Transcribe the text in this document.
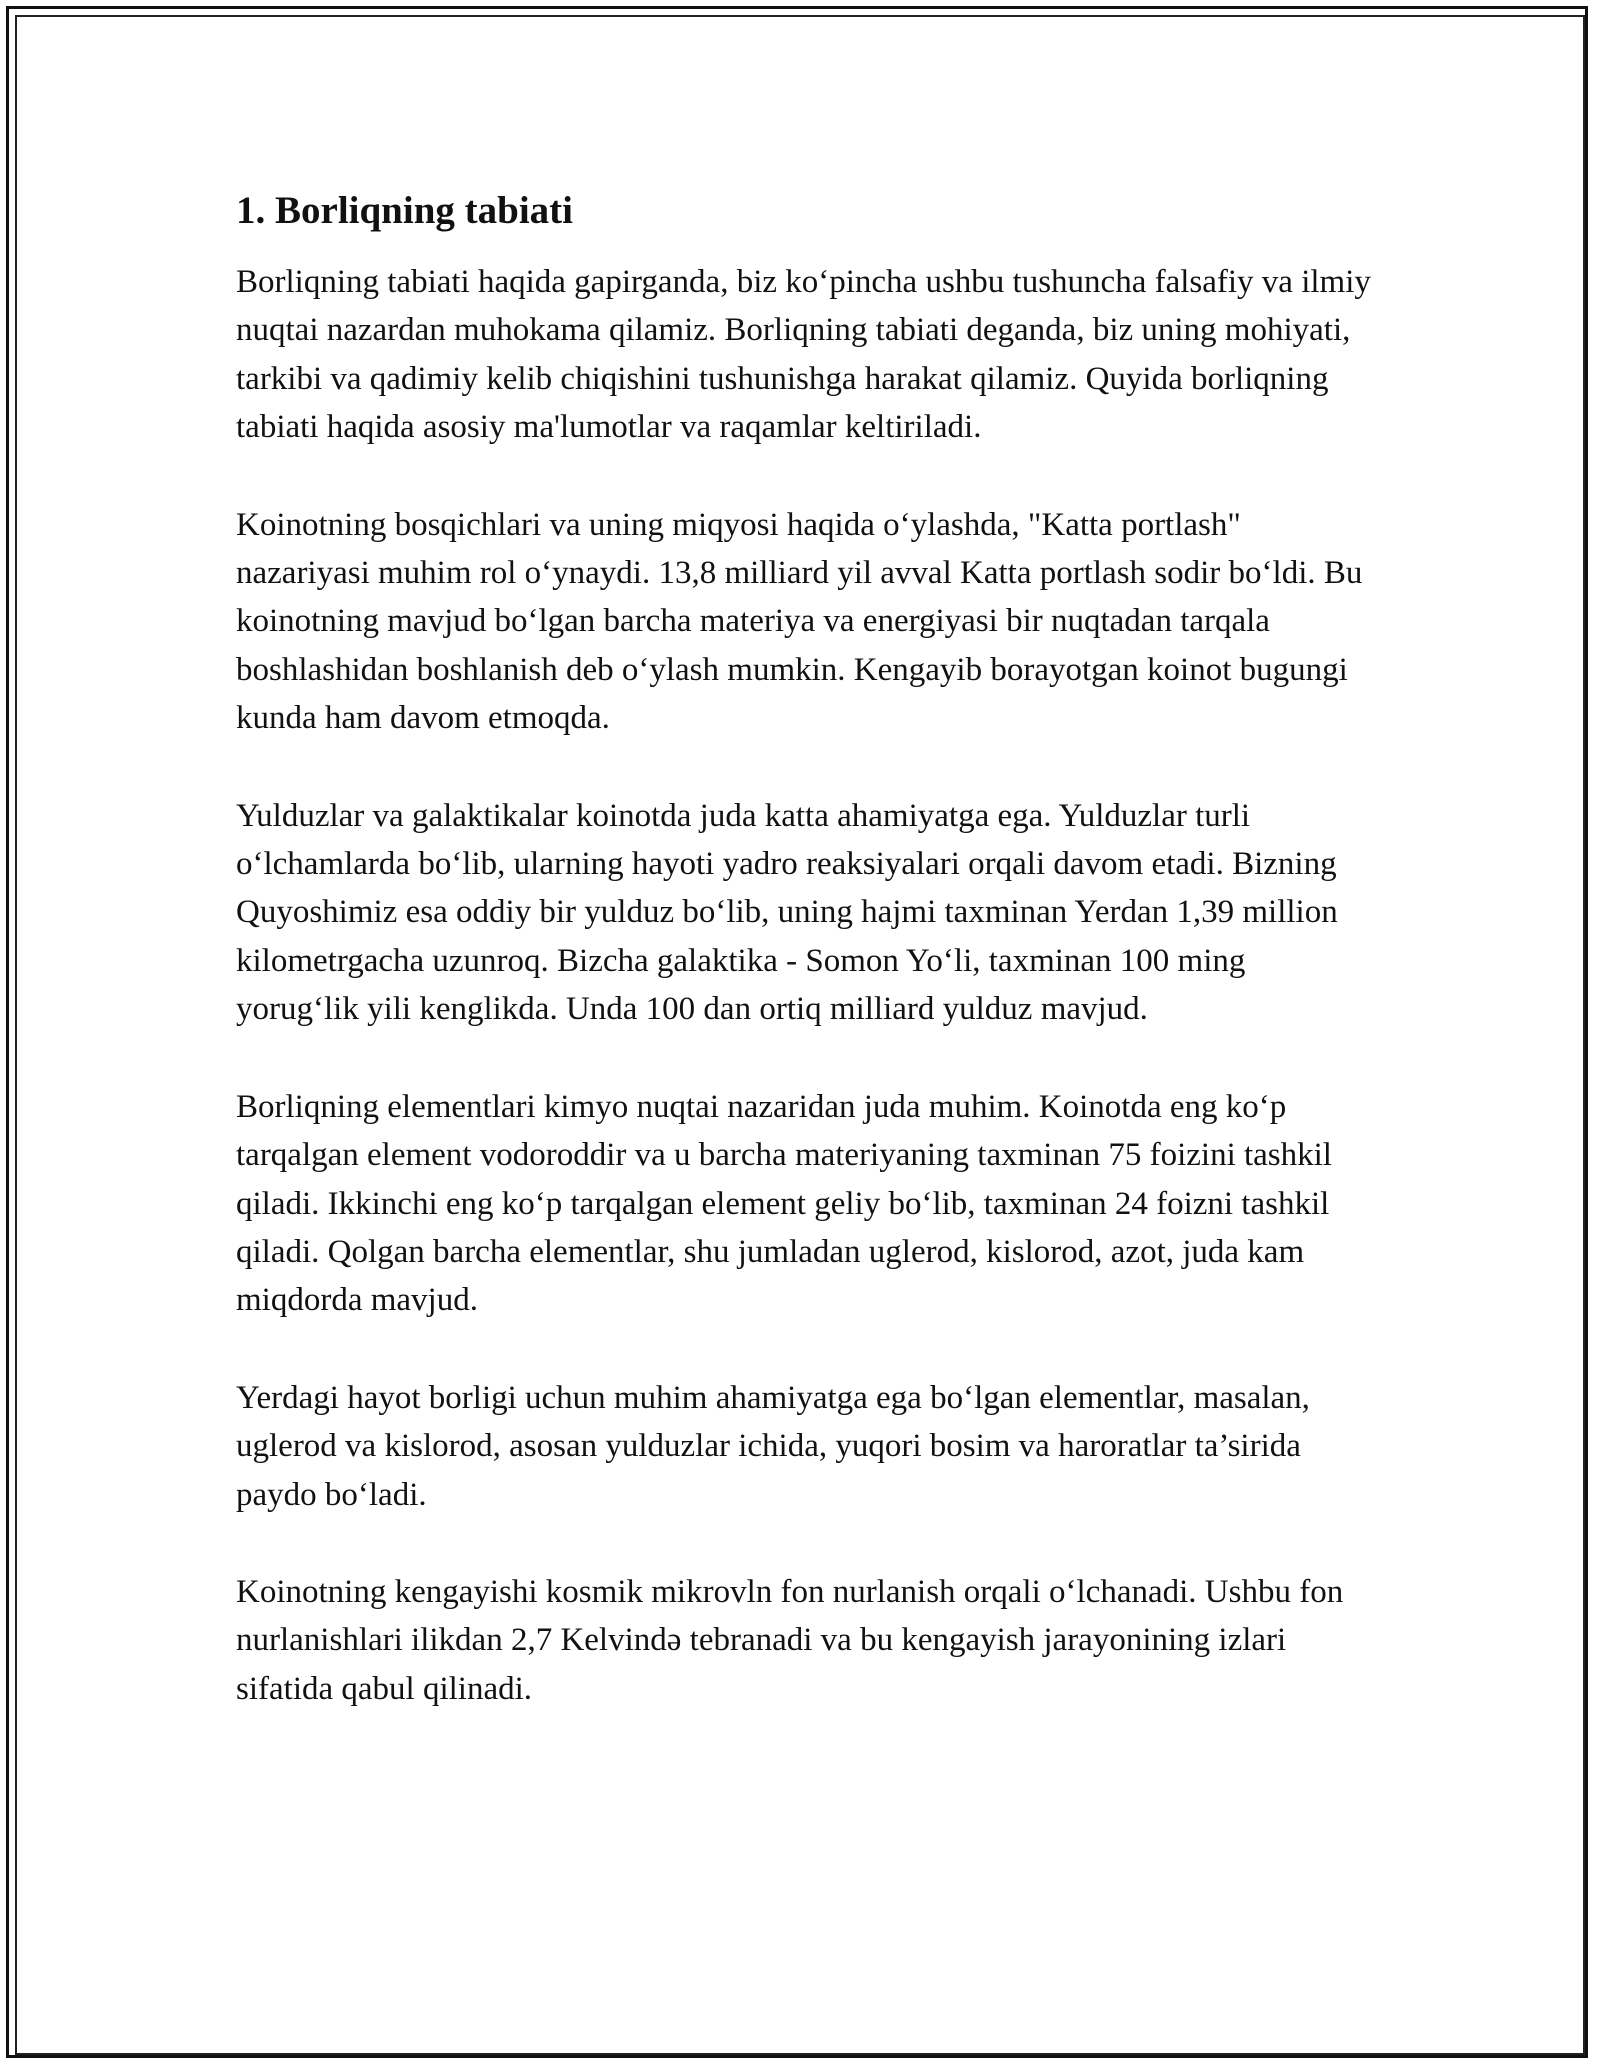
1. Borliqning tabiati

Borliqning tabiati haqida gapirganda, biz ko‘pincha ushbu tushuncha falsafiy va ilmiy nuqtai nazardan muhokama qilamiz. Borliqning tabiati deganda, biz uning mohiyati, tarkibi va qadimiy kelib chiqishini tushunishga harakat qilamiz. Quyida borliqning tabiati haqida asosiy ma'lumotlar va raqamlar keltiriladi.

Koinotning bosqichlari va uning miqyosi haqida o‘ylashda, "Katta portlash" nazariyasi muhim rol o‘ynaydi. 13,8 milliard yil avval Katta portlash sodir bo‘ldi. Bu koinotning mavjud bo‘lgan barcha materiya va energiyasi bir nuqtadan tarqala boshlashidan boshlanish deb o‘ylash mumkin. Kengayib borayotgan koinot bugungi kunda ham davom etmoqda.

Yulduzlar va galaktikalar koinotda juda katta ahamiyatga ega. Yulduzlar turli o‘lchamlarda bo‘lib, ularning hayoti yadro reaksiyalari orqali davom etadi. Bizning Quyoshimiz esa oddiy bir yulduz bo‘lib, uning hajmi taxminan Yerdan 1,39 million kilometrgacha uzunroq. Bizcha galaktika - Somon Yo‘li, taxminan 100 ming yorug‘lik yili kenglikda. Unda 100 dan ortiq milliard yulduz mavjud.

Borliqning elementlari kimyo nuqtai nazaridan juda muhim. Koinotda eng ko‘p tarqalgan element vodoroddir va u barcha materiyaning taxminan 75 foizini tashkil qiladi. Ikkinchi eng ko‘p tarqalgan element geliy bo‘lib, taxminan 24 foizni tashkil qiladi. Qolgan barcha elementlar, shu jumladan uglerod, kislorod, azot, juda kam miqdorda mavjud.

Yerdagi hayot borligi uchun muhim ahamiyatga ega bo‘lgan elementlar, masalan, uglerod va kislorod, asosan yulduzlar ichida, yuqori bosim va haroratlar ta’sirida paydo bo‘ladi.

Koinotning kengayishi kosmik mikrovln fon nurlanish orqali o‘lchanadi. Ushbu fon nurlanishlari ilikdan 2,7 Kelvində tebranadi va bu kengayish jarayonining izlari sifatida qabul qilinadi.
